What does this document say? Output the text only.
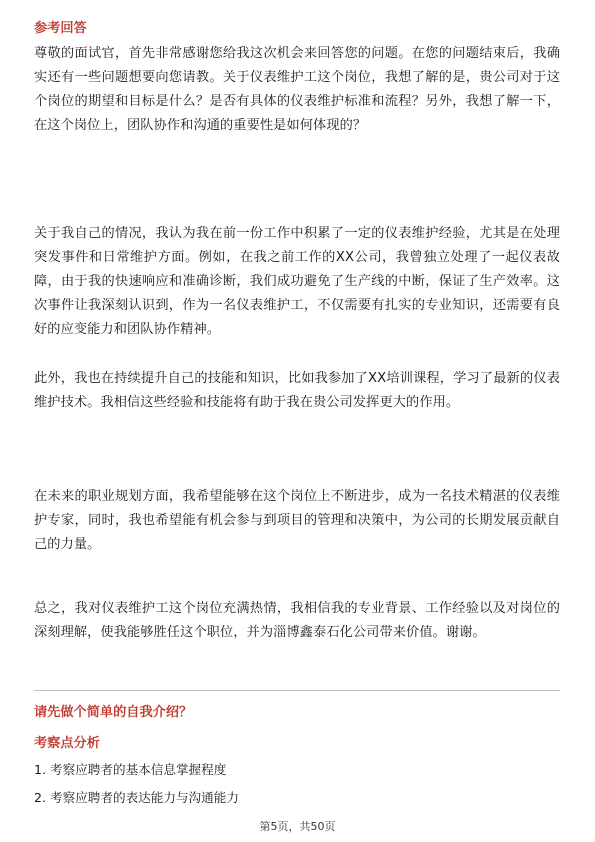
参考回答

尊敬的面试官，首先非常感谢您给我这次机会来回答您的问题。在您的问题结束后，我确实还有一些问题想要向您请教。关于仪表维护工这个岗位，我想了解的是，贵公司对于这个岗位的期望和目标是什么？是否有具体的仪表维护标准和流程？另外，我想了解一下，在这个岗位上，团队协作和沟通的重要性是如何体现的？

关于我自己的情况，我认为我在前一份工作中积累了一定的仪表维护经验，尤其是在处理突发事件和日常维护方面。例如，在我之前工作的XX公司，我曾独立处理了一起仪表故障，由于我的快速响应和准确诊断，我们成功避免了生产线的中断，保证了生产效率。这次事件让我深刻认识到，作为一名仪表维护工，不仅需要有扎实的专业知识，还需要有良好的应变能力和团队协作精神。

此外，我也在持续提升自己的技能和知识，比如我参加了XX培训课程，学习了最新的仪表维护技术。我相信这些经验和技能将有助于我在贵公司发挥更大的作用。

在未来的职业规划方面，我希望能够在这个岗位上不断进步，成为一名技术精湛的仪表维护专家，同时，我也希望能有机会参与到项目的管理和决策中，为公司的长期发展贡献自己的力量。

总之，我对仪表维护工这个岗位充满热情，我相信我的专业背景、工作经验以及对岗位的深刻理解，使我能够胜任这个职位，并为淄博鑫泰石化公司带来价值。谢谢。

请先做个简单的自我介绍？

考察点分析

1. 考察应聘者的基本信息掌握程度

2. 考察应聘者的表达能力与沟通能力

第5页，共50页
